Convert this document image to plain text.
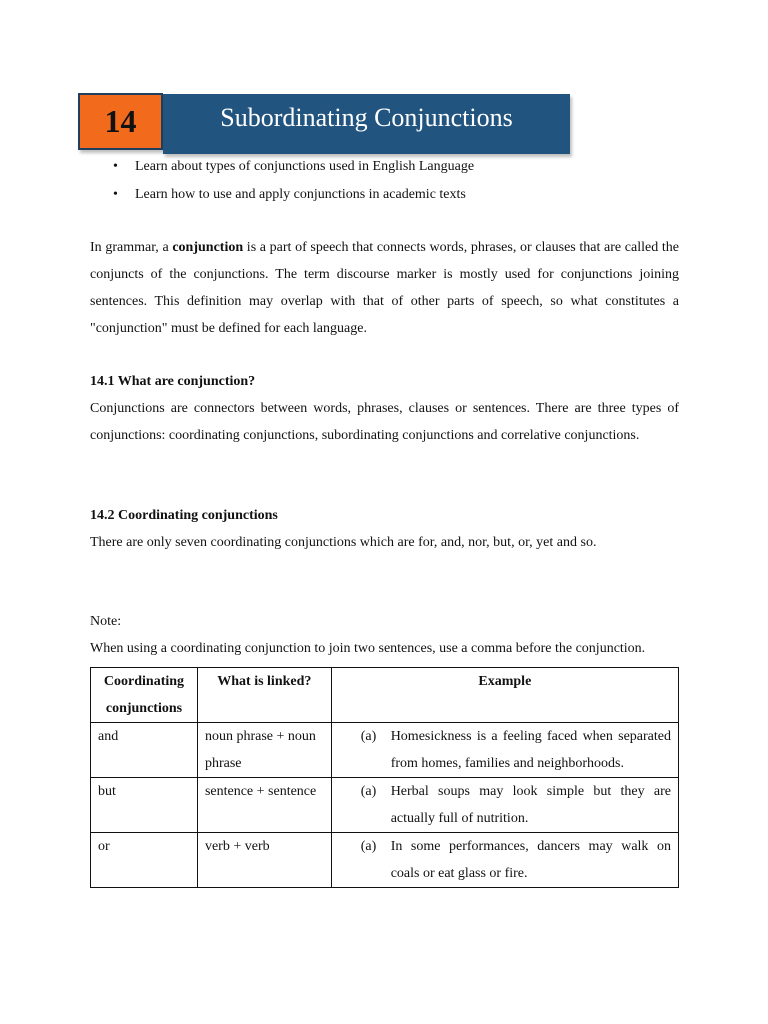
14	Subordinating Conjunctions
• Learn about types of conjunctions used in English Language
• Learn how to use and apply conjunctions in academic texts

In grammar, a conjunction is a part of speech that connects words, phrases, or clauses that are called the conjuncts of the conjunctions. The term discourse marker is mostly used for conjunctions joining sentences. This definition may overlap with that of other parts of speech, so what constitutes a "conjunction" must be defined for each language.

14.1 What are conjunction?

Conjunctions are connectors between words, phrases, clauses or sentences. There are three types of conjunctions: coordinating conjunctions, subordinating conjunctions and correlative conjunctions.

14.2 Coordinating conjunctions

There are only seven coordinating conjunctions which are for, and, nor, but, or, yet and so.

Note:

When using a coordinating conjunction to join two sentences, use a comma before the conjunction.

Coordinating conjunctions	What is linked?	Example
and	noun phrase + noun phrase	(a) Homesickness is a feeling faced when separated from homes, families and neighborhoods.

but	sentence + sentence	(a) Herbal soups may look simple but they are actually full of nutrition.

or	verb + verb	(a) In some performances, dancers may walk on coals or eat glass or fire.
